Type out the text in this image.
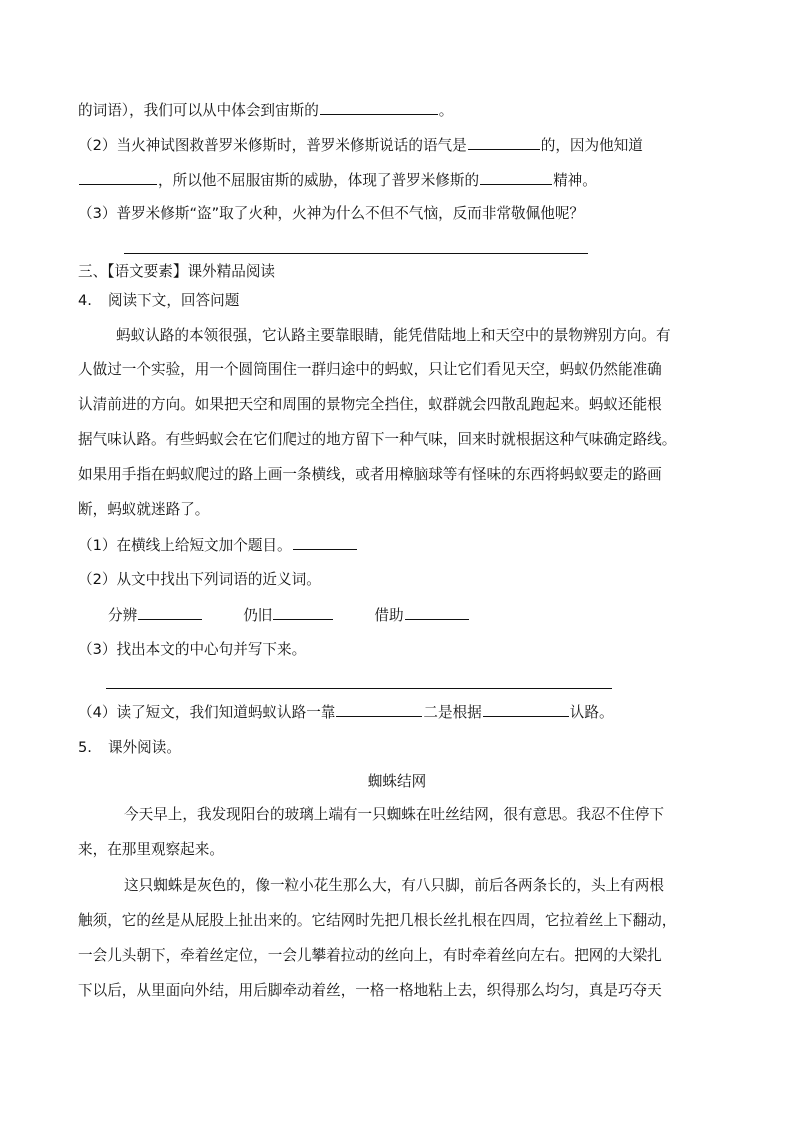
的词语），我们可以从中体会到宙斯的	。
（2）当火神试图救普罗米修斯时，普罗米修斯说话的语气是	的，因为他知道
，所以他不屈服宙斯的威胁，体现了普罗米修斯的	精神。
（3）普罗米修斯“盗”取了火种，火神为什么不但不气恼，反而非常敬佩他呢？
三、【语文要素】课外精品阅读
4. 阅读下文，回答问题
蚂蚁认路的本领很强，它认路主要靠眼睛，能凭借陆地上和天空中的景物辨别方向。有
人做过一个实验，用一个圆筒围住一群归途中的蚂蚁，只让它们看见天空，蚂蚁仍然能准确
认清前进的方向。如果把天空和周围的景物完全挡住，蚁群就会四散乱跑起来。蚂蚁还能根
据气味认路。有些蚂蚁会在它们爬过的地方留下一种气味，回来时就根据这种气味确定路线。
如果用手指在蚂蚁爬过的路上画一条横线，或者用樟脑球等有怪味的东西将蚂蚁要走的路画
断，蚂蚁就迷路了。
（1）在横线上给短文加个题目。
（2）从文中找出下列词语的近义词。
分辨	仍旧	借助
（3）找出本文的中心句并写下来。
（4）读了短文，我们知道蚂蚁认路一靠	二是根据	认路。
5. 课外阅读。
蜘蛛结网
今天早上，我发现阳台的玻璃上端有一只蜘蛛在吐丝结网，很有意思。我忍不住停下
来，在那里观察起来。
这只蜘蛛是灰色的，像一粒小花生那么大，有八只脚，前后各两条长的，头上有两根
触须，它的丝是从屁股上扯出来的。它结网时先把几根长丝扎根在四周，它拉着丝上下翻动，
一会儿头朝下，牵着丝定位，一会儿攀着拉动的丝向上，有时牵着丝向左右。把网的大梁扎
下以后，从里面向外结，用后脚牵动着丝，一格一格地粘上去，织得那么均匀，真是巧夺天
